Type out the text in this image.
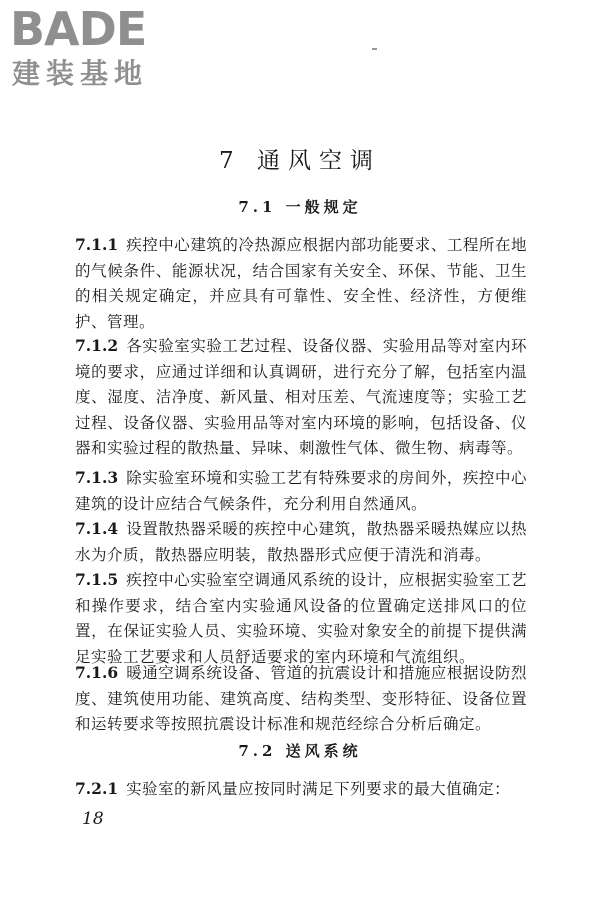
BADE
建装基地
7 通风空调
7.1 一般规定
7.1.1 疾控中心建筑的冷热源应根据内部功能要求、工程所在地的气候条件、能源状况，结合国家有关安全、环保、节能、卫生的相关规定确定，并应具有可靠性、安全性、经济性，方便维护、管理。
7.1.2 各实验室实验工艺过程、设备仪器、实验用品等对室内环境的要求，应通过详细和认真调研，进行充分了解，包括室内温度、湿度、洁净度、新风量、相对压差、气流速度等；实验工艺过程、设备仪器、实验用品等对室内环境的影响，包括设备、仪器和实验过程的散热量、异味、刺激性气体、微生物、病毒等。
7.1.3 除实验室环境和实验工艺有特殊要求的房间外，疾控中心建筑的设计应结合气候条件，充分利用自然通风。
7.1.4 设置散热器采暖的疾控中心建筑，散热器采暖热媒应以热水为介质，散热器应明装，散热器形式应便于清洗和消毒。
7.1.5 疾控中心实验室空调通风系统的设计，应根据实验室工艺和操作要求，结合室内实验通风设备的位置确定送排风口的位置，在保证实验人员、实验环境、实验对象安全的前提下提供满足实验工艺要求和人员舒适要求的室内环境和气流组织。
7.1.6 暖通空调系统设备、管道的抗震设计和措施应根据设防烈度、建筑使用功能、建筑高度、结构类型、变形特征、设备位置和运转要求等按照抗震设计标准和规范经综合分析后确定。
7.2 送风系统
7.2.1 实验室的新风量应按同时满足下列要求的最大值确定：
18
